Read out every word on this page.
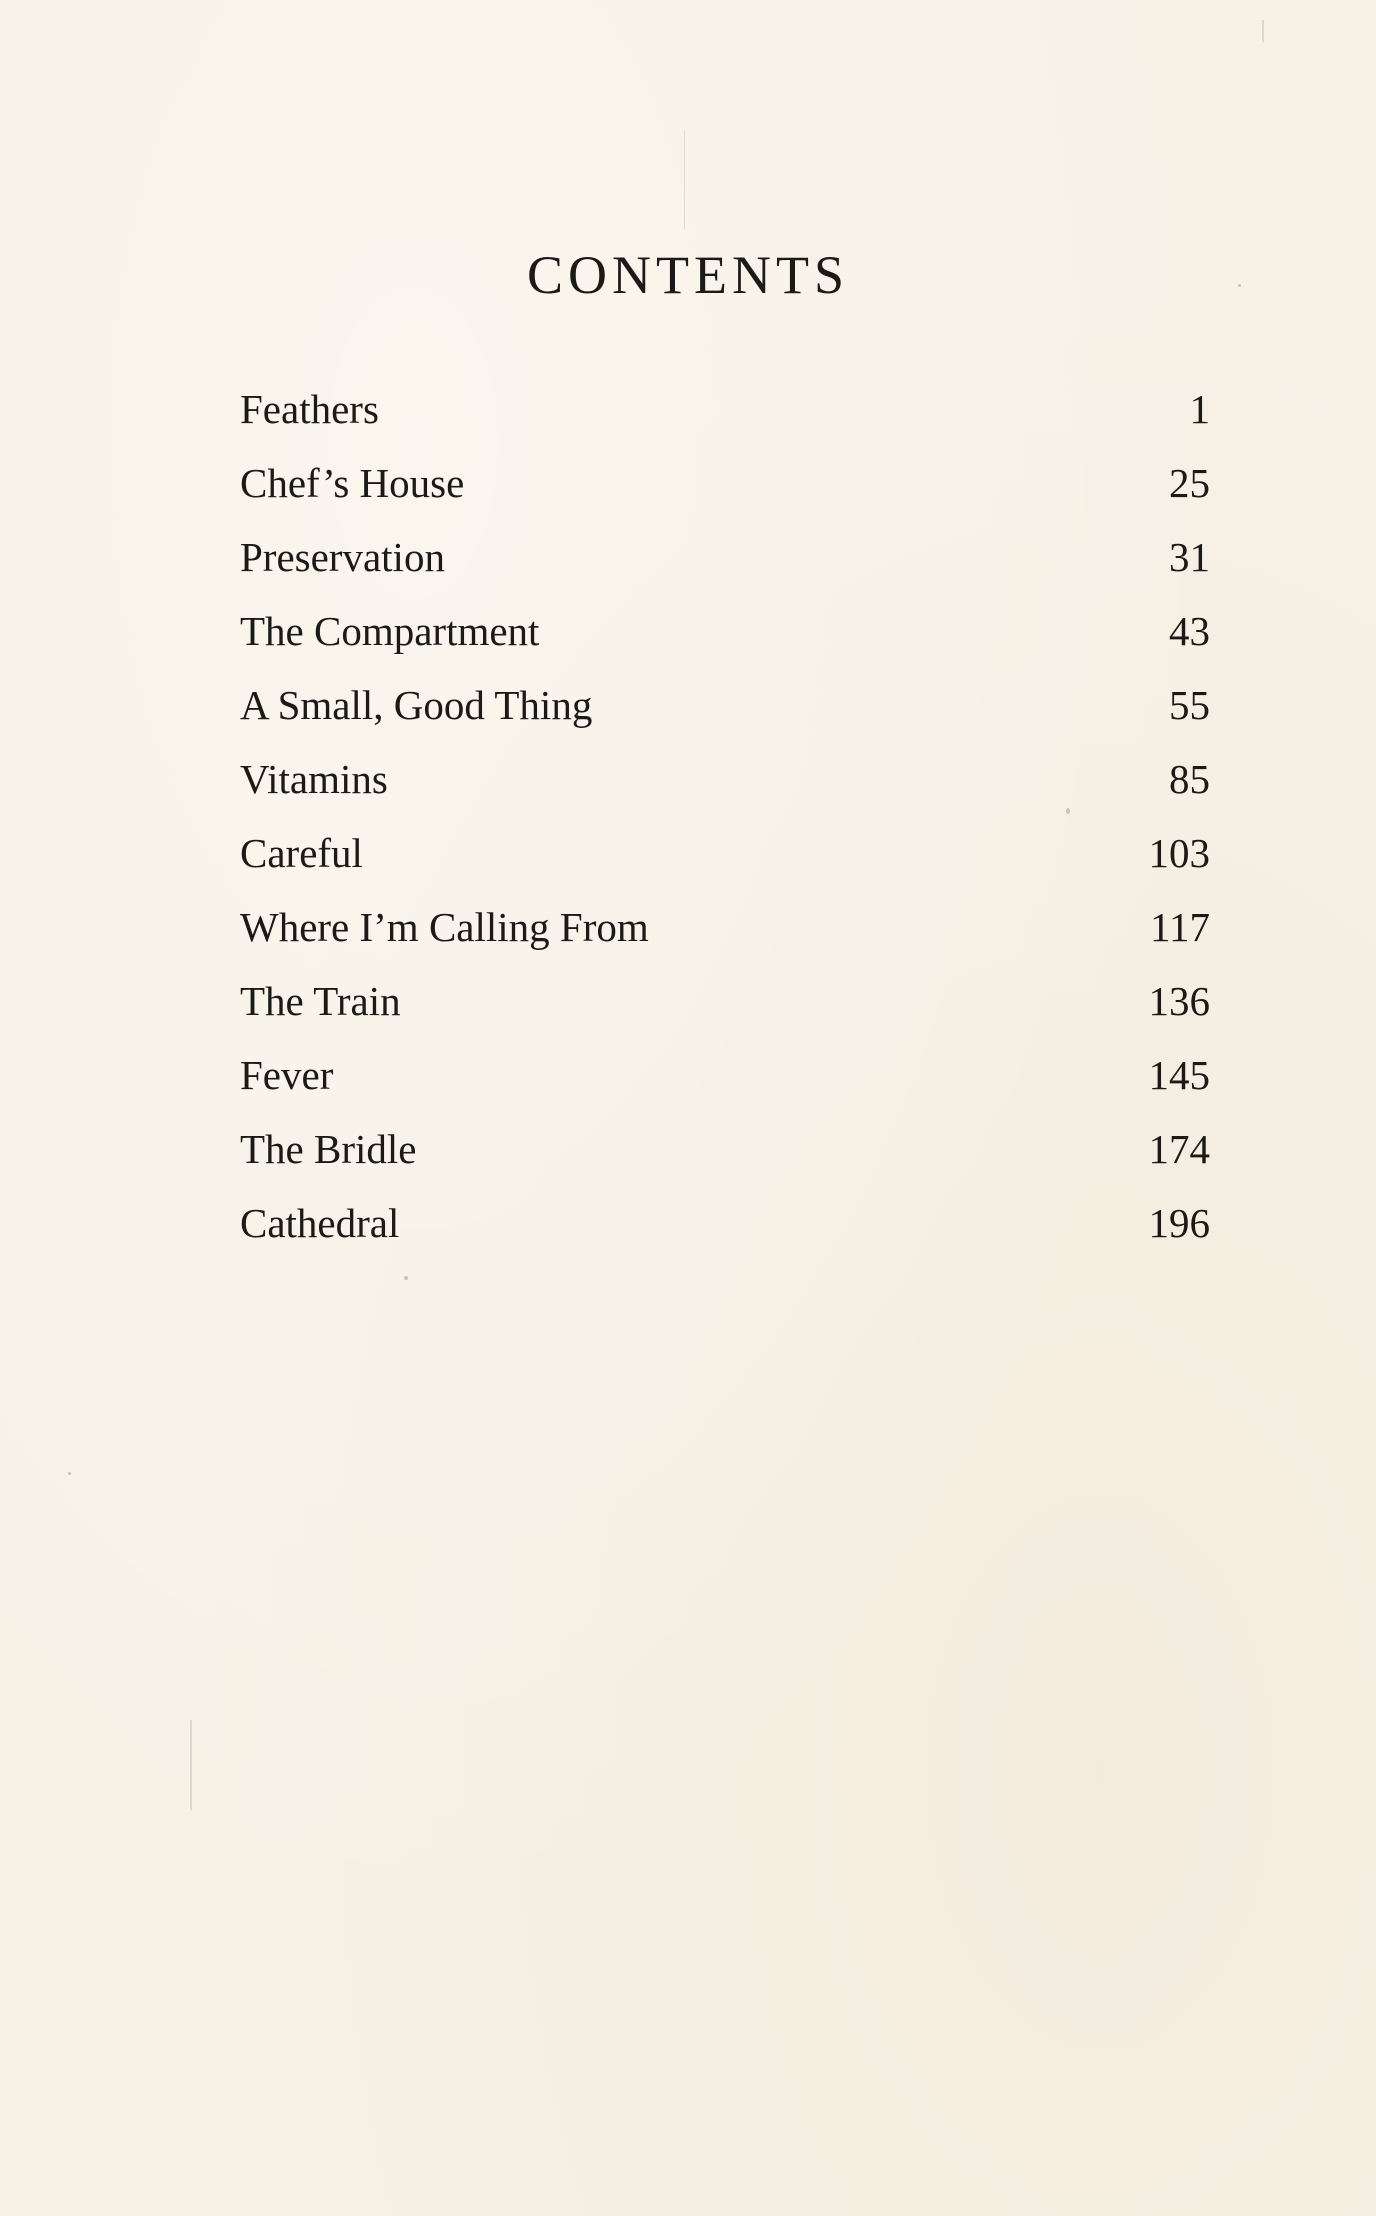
CONTENTS
Feathers	1
Chef’s House	25
Preservation	31
The Compartment	43
A Small, Good Thing	55
Vitamins	85
Careful	103
Where I’m Calling From	117
The Train	136
Fever	145
The Bridle	174
Cathedral	196
